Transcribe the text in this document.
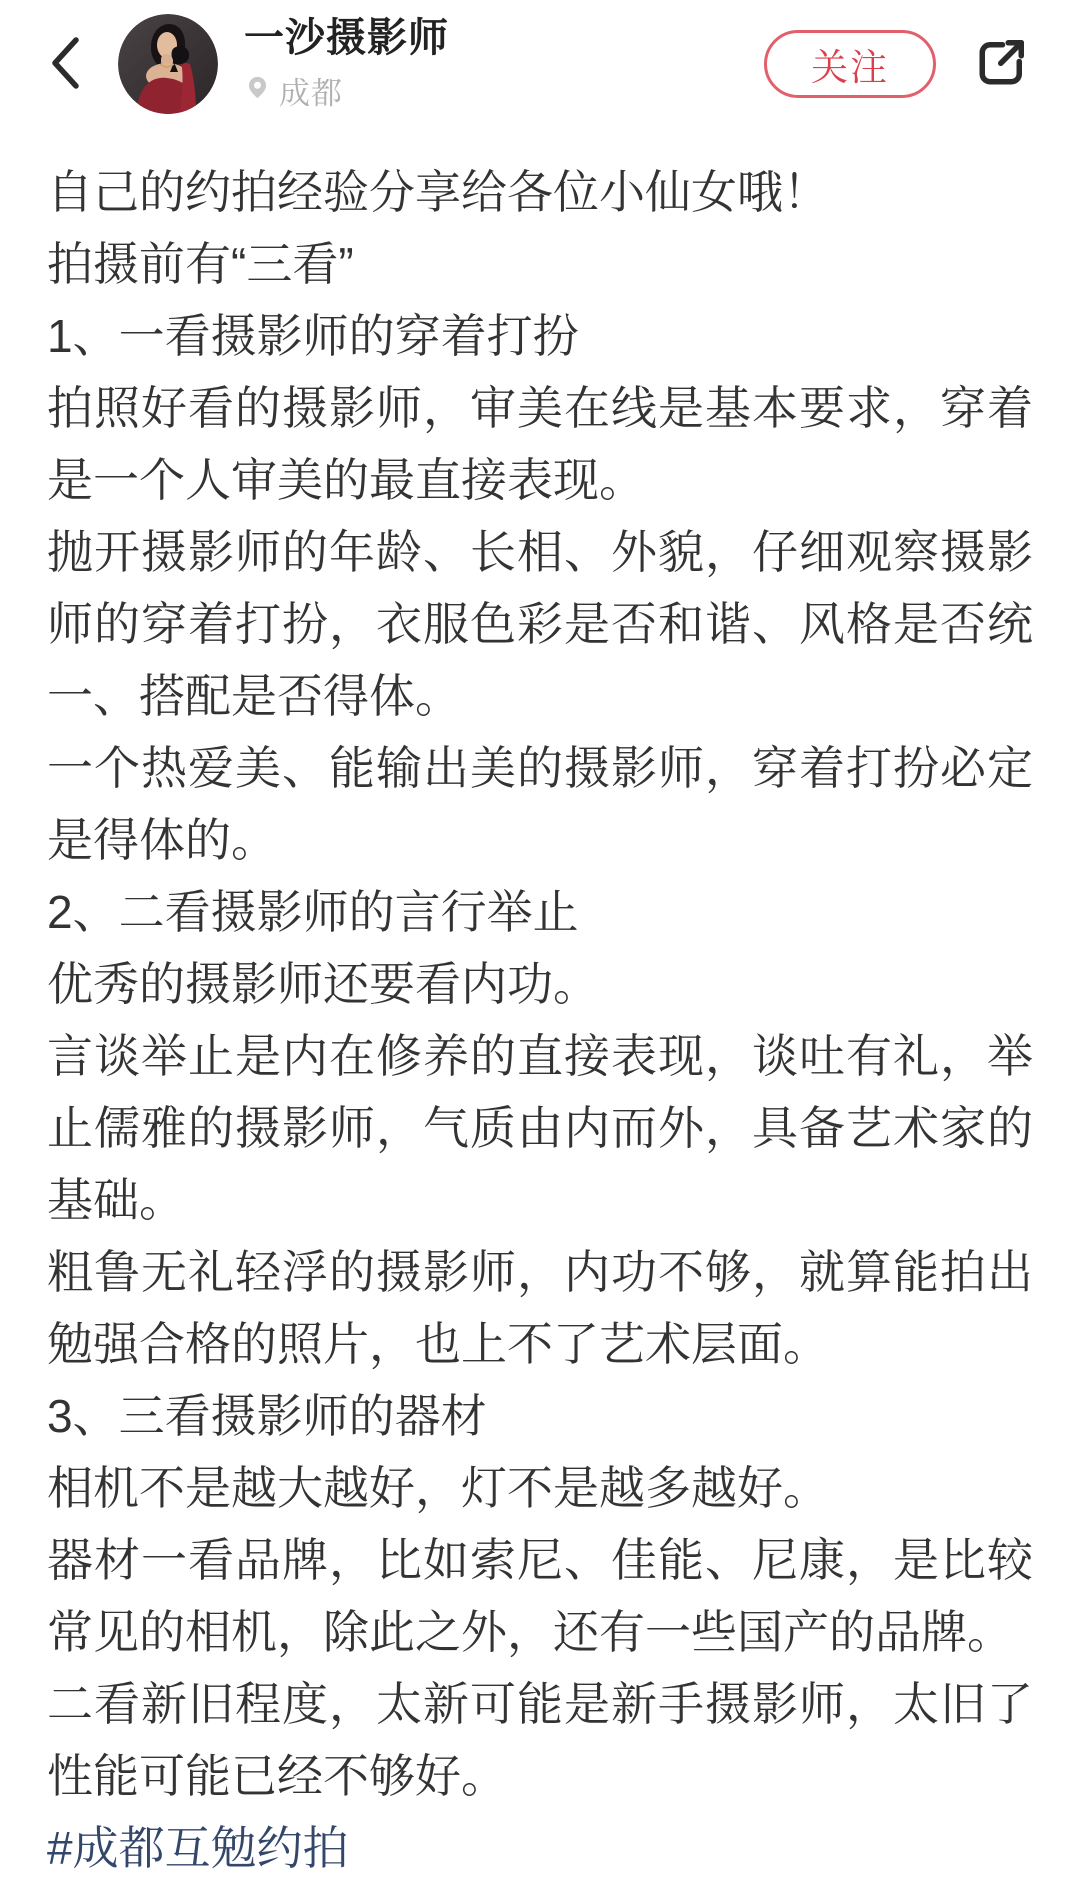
一沙摄影师
成都
关注

自己的约拍经验分享给各位小仙女哦！

拍摄前有“三看”

1、一看摄影师的穿着打扮

拍照好看的摄影师，审美在线是基本要求，穿着是一个人审美的最直接表现。

抛开摄影师的年龄、长相、外貌，仔细观察摄影师的穿着打扮，衣服色彩是否和谐、风格是否统一、搭配是否得体。

一个热爱美、能输出美的摄影师，穿着打扮必定是得体的。

2、二看摄影师的言行举止

优秀的摄影师还要看内功。

言谈举止是内在修养的直接表现，谈吐有礼，举止儒雅的摄影师，气质由内而外，具备艺术家的基础。

粗鲁无礼轻浮的摄影师，内功不够，就算能拍出勉强合格的照片，也上不了艺术层面。

3、三看摄影师的器材

相机不是越大越好，灯不是越多越好。

器材一看品牌，比如索尼、佳能、尼康，是比较常见的相机，除此之外，还有一些国产的品牌。

二看新旧程度，太新可能是新手摄影师，太旧了性能可能已经不够好。

#成都互勉约拍
